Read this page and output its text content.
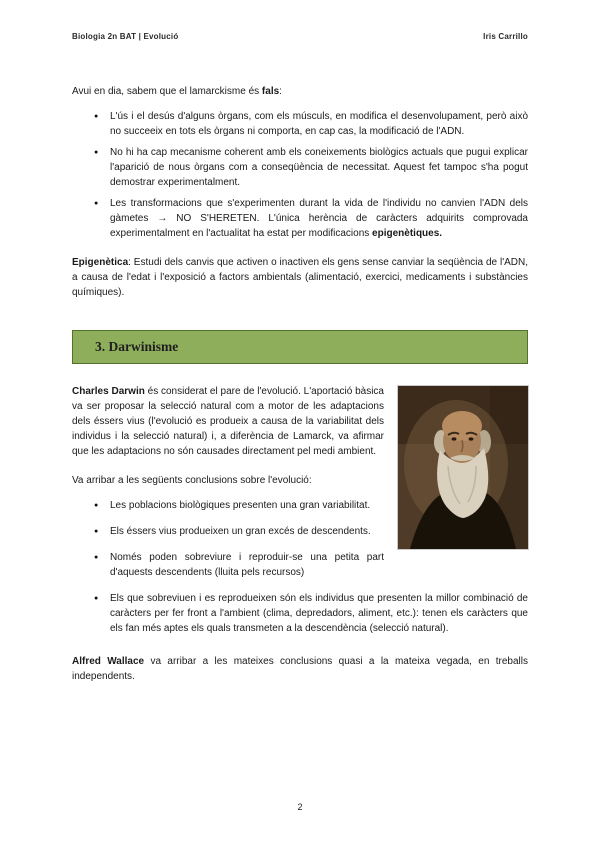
Biologia 2n BAT | Evolució	Iris Carrillo

Avui en dia, sabem que el lamarckisme és fals:

● L'ús i el desús d'alguns òrgans, com els músculs, en modifica el desenvolupament, però això no succeeix en tots els òrgans ni comporta, en cap cas, la modificació de l'ADN.
● No hi ha cap mecanisme coherent amb els coneixements biològics actuals que pugui explicar l'aparició de nous òrgans com a conseqüència de necessitat. Aquest fet tampoc s'ha pogut demostrar experimentalment.
● Les transformacions que s'experimenten durant la vida de l'individu no canvien l'ADN dels gàmetes → NO S'HERETEN. L'única herència de caràcters adquirits comprovada experimentalment en l'actualitat ha estat per modificacions epigenètiques.

Epigenètica: Estudi dels canvis que activen o inactiven els gens sense canviar la seqüència de l'ADN, a causa de l'edat i l'exposició a factors ambientals (alimentació, exercici, medicaments i substàncies químiques).

3. Darwinisme

Charles Darwin és considerat el pare de l'evolució. L'aportació bàsica va ser proposar la selecció natural com a motor de les adaptacions dels éssers vius (l'evolució es produeix a causa de la variabilitat dels individus i la selecció natural) i, a diferència de Lamarck, va afirmar que les adaptacions no són causades directament pel medi ambient.

Va arribar a les següents conclusions sobre l'evolució:

● Les poblacions biològiques presenten una gran variabilitat.
● Els éssers vius produeixen un gran excés de descendents.
● Només poden sobreviure i reproduir-se una petita part d'aquests descendents (lluita pels recursos)
● Els que sobreviuen i es reprodueixen són els individus que presenten la millor combinació de caràcters per fer front a l'ambient (clima, depredadors, aliment, etc.): tenen els caràcters que els fan més aptes els quals transmeten a la descendència (selecció natural).

Alfred Wallace va arribar a les mateixes conclusions quasi a la mateixa vegada, en treballs independents.

2
